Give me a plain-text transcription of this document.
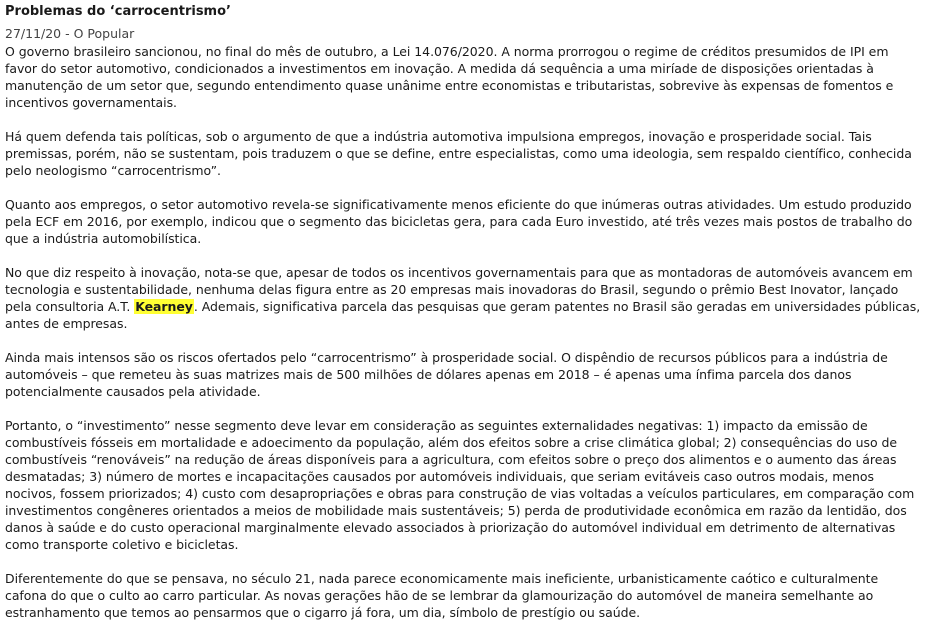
Problemas do ‘carrocentrismo’
27/11/20 - O Popular

O governo brasileiro sancionou, no final do mês de outubro, a Lei 14.076/2020. A norma prorrogou o regime de créditos presumidos de IPI em favor do setor automotivo, condicionados a investimentos em inovação. A medida dá sequência a uma miríade de disposições orientadas à manutenção de um setor que, segundo entendimento quase unânime entre economistas e tributaristas, sobrevive às expensas de fomentos e incentivos governamentais.

Há quem defenda tais políticas, sob o argumento de que a indústria automotiva impulsiona empregos, inovação e prosperidade social. Tais premissas, porém, não se sustentam, pois traduzem o que se define, entre especialistas, como uma ideologia, sem respaldo científico, conhecida pelo neologismo “carrocentrismo”.

Quanto aos empregos, o setor automotivo revela-se significativamente menos eficiente do que inúmeras outras atividades. Um estudo produzido pela ECF em 2016, por exemplo, indicou que o segmento das bicicletas gera, para cada Euro investido, até três vezes mais postos de trabalho do que a indústria automobilística.

No que diz respeito à inovação, nota-se que, apesar de todos os incentivos governamentais para que as montadoras de automóveis avancem em tecnologia e sustentabilidade, nenhuma delas figura entre as 20 empresas mais inovadoras do Brasil, segundo o prêmio Best Inovator, lançado pela consultoria A.T. Kearney. Ademais, significativa parcela das pesquisas que geram patentes no Brasil são geradas em universidades públicas, antes de empresas.

Ainda mais intensos são os riscos ofertados pelo “carrocentrismo” à prosperidade social. O dispêndio de recursos públicos para a indústria de automóveis – que remeteu às suas matrizes mais de 500 milhões de dólares apenas em 2018 – é apenas uma ínfima parcela dos danos potencialmente causados pela atividade.

Portanto, o “investimento” nesse segmento deve levar em consideração as seguintes externalidades negativas: 1) impacto da emissão de combustíveis fósseis em mortalidade e adoecimento da população, além dos efeitos sobre a crise climática global; 2) consequências do uso de combustíveis “renováveis” na redução de áreas disponíveis para a agricultura, com efeitos sobre o preço dos alimentos e o aumento das áreas desmatadas; 3) número de mortes e incapacitações causados por automóveis individuais, que seriam evitáveis caso outros modais, menos nocivos, fossem priorizados; 4) custo com desapropriações e obras para construção de vias voltadas a veículos particulares, em comparação com investimentos congêneres orientados a meios de mobilidade mais sustentáveis; 5) perda de produtividade econômica em razão da lentidão, dos danos à saúde e do custo operacional marginalmente elevado associados à priorização do automóvel individual em detrimento de alternativas como transporte coletivo e bicicletas.

Diferentemente do que se pensava, no século 21, nada parece economicamente mais ineficiente, urbanisticamente caótico e culturalmente cafona do que o culto ao carro particular. As novas gerações hão de se lembrar da glamourização do automóvel de maneira semelhante ao estranhamento que temos ao pensarmos que o cigarro já fora, um dia, símbolo de prestígio ou saúde.
